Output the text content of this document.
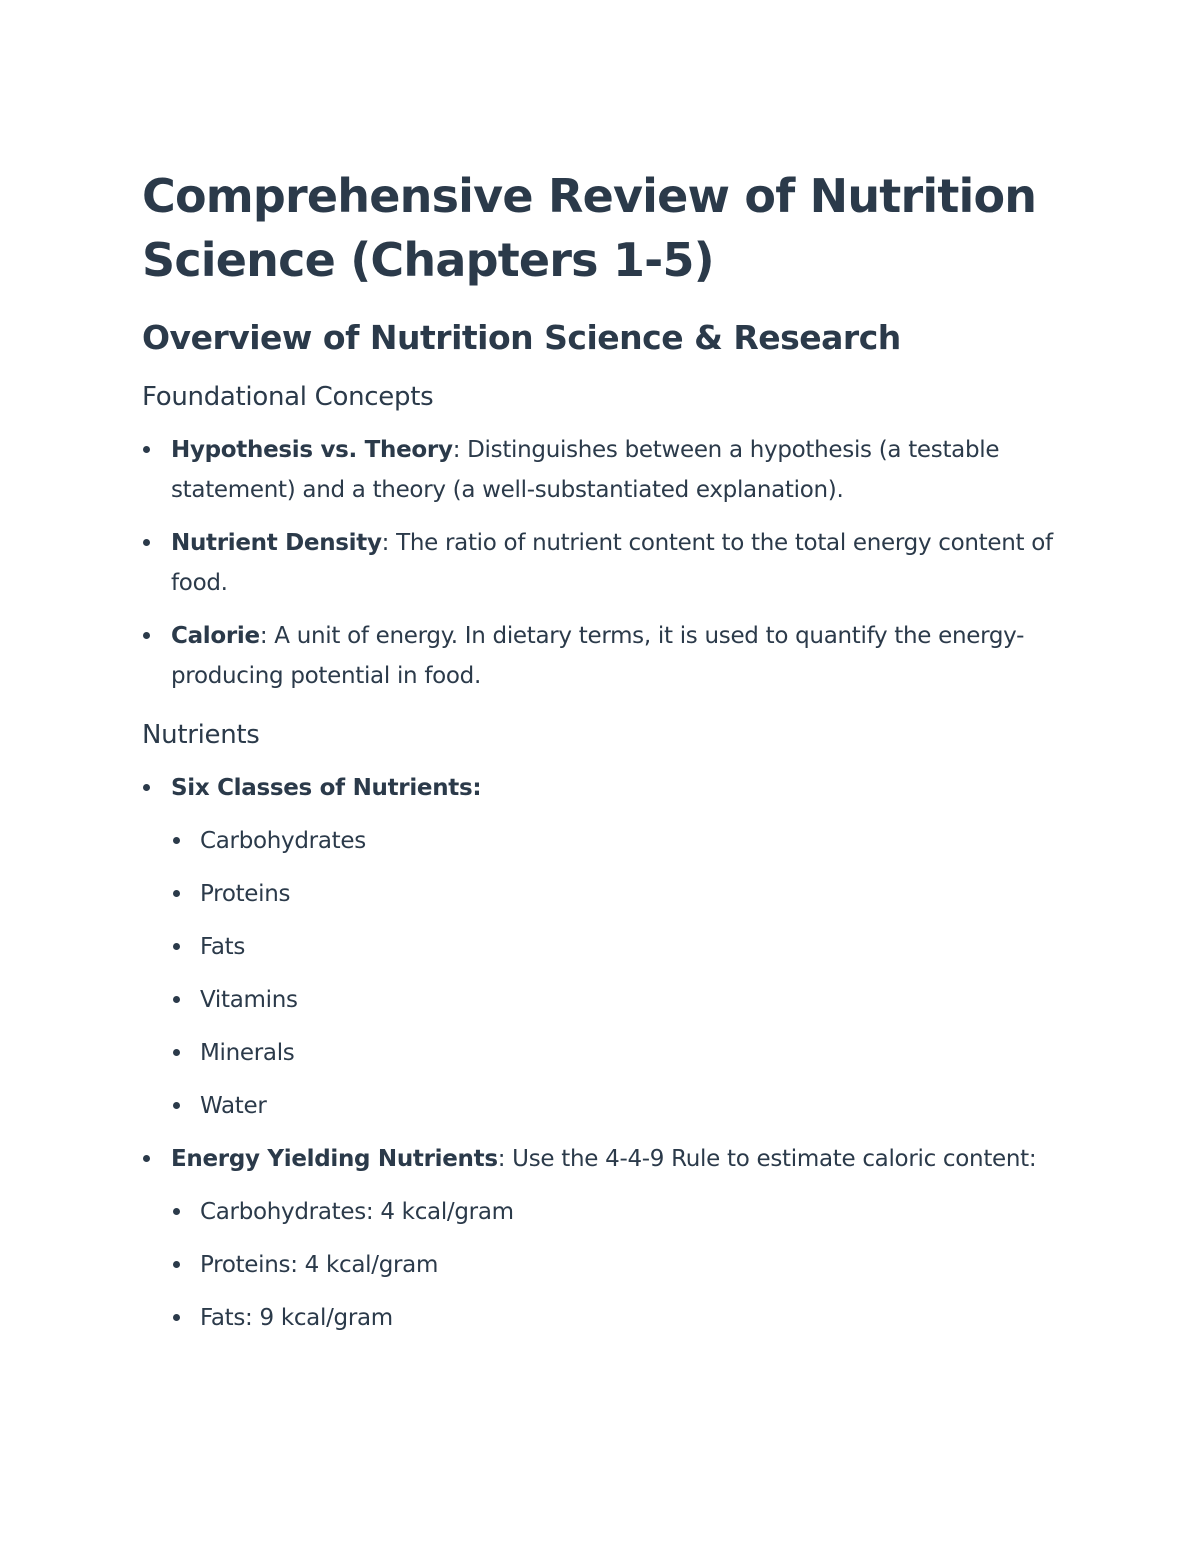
Comprehensive Review of Nutrition Science (Chapters 1-5)
Overview of Nutrition Science & Research
Foundational Concepts
Hypothesis vs. Theory: Distinguishes between a hypothesis (a testable statement) and a theory (a well-substantiated explanation).
Nutrient Density: The ratio of nutrient content to the total energy content of food.
Calorie: A unit of energy. In dietary terms, it is used to quantify the energy-producing potential in food.
Nutrients
Six Classes of Nutrients:
Carbohydrates
Proteins
Fats
Vitamins
Minerals
Water
Energy Yielding Nutrients: Use the 4-4-9 Rule to estimate caloric content:
Carbohydrates: 4 kcal/gram
Proteins: 4 kcal/gram
Fats: 9 kcal/gram
